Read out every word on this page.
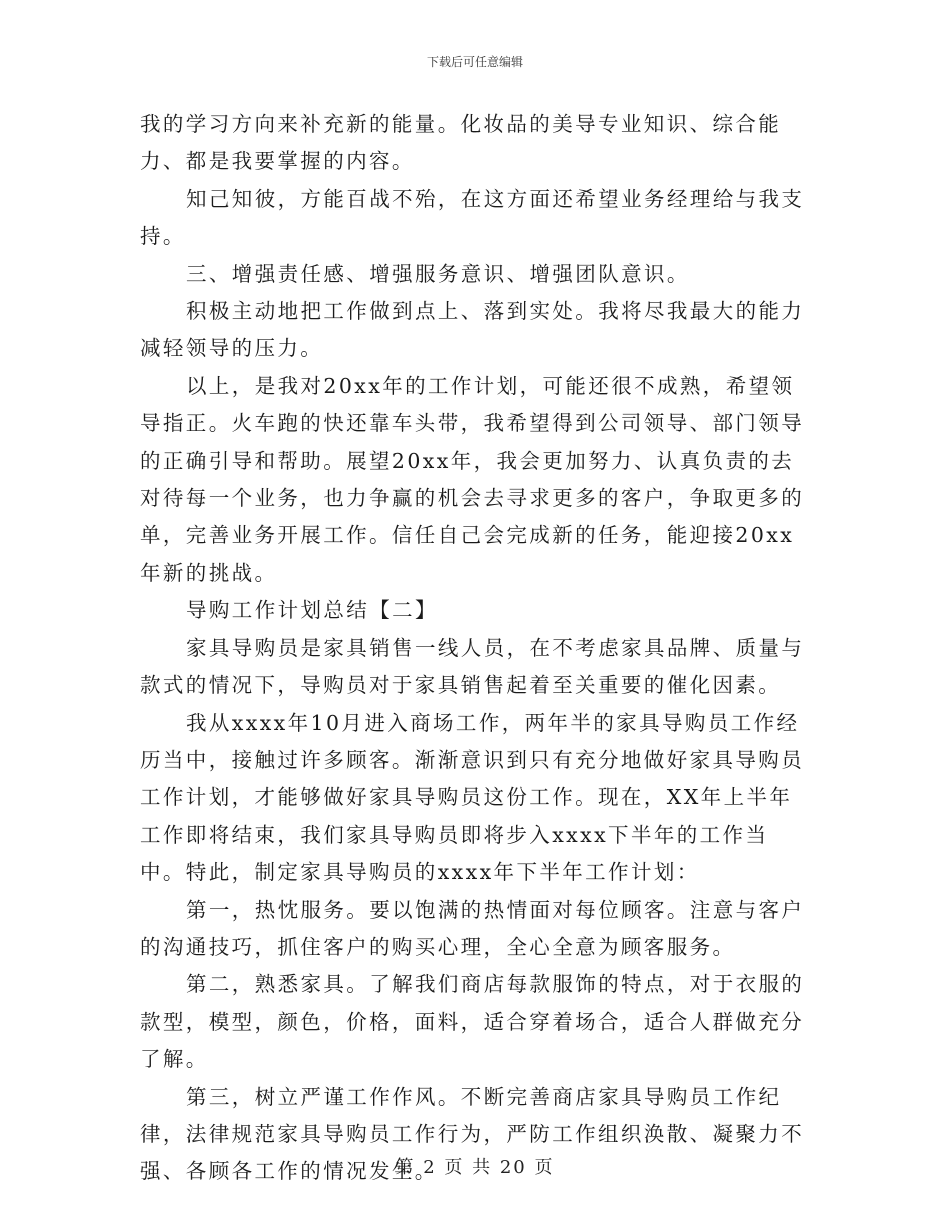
下载后可任意编辑

我的学习方向来补充新的能量。化妆品的美导专业知识、综合能力、都是我要掌握的内容。

知己知彼，方能百战不殆，在这方面还希望业务经理给与我支持。

三、增强责任感、增强服务意识、增强团队意识。

积极主动地把工作做到点上、落到实处。我将尽我最大的能力减轻领导的压力。

以上，是我对20xx年的工作计划，可能还很不成熟，希望领导指正。火车跑的快还靠车头带，我希望得到公司领导、部门领导的正确引导和帮助。展望20xx年，我会更加努力、认真负责的去对待每一个业务，也力争赢的机会去寻求更多的客户，争取更多的单，完善业务开展工作。信任自己会完成新的任务，能迎接20xx年新的挑战。

导购工作计划总结【二】

家具导购员是家具销售一线人员，在不考虑家具品牌、质量与款式的情况下，导购员对于家具销售起着至关重要的催化因素。

我从xxxx年10月进入商场工作，两年半的家具导购员工作经历当中，接触过许多顾客。渐渐意识到只有充分地做好家具导购员工作计划，才能够做好家具导购员这份工作。现在，XX年上半年工作即将结束，我们家具导购员即将步入xxxx下半年的工作当中。特此，制定家具导购员的xxxx年下半年工作计划：

第一，热忱服务。要以饱满的热情面对每位顾客。注意与客户的沟通技巧，抓住客户的购买心理，全心全意为顾客服务。

第二，熟悉家具。了解我们商店每款服饰的特点，对于衣服的款型，模型，颜色，价格，面料，适合穿着场合，适合人群做充分了解。

第三，树立严谨工作作风。不断完善商店家具导购员工作纪律，法律规范家具导购员工作行为，严防工作组织涣散、凝聚力不强、各顾各工作的情况发生。

第 2 页 共 20 页
